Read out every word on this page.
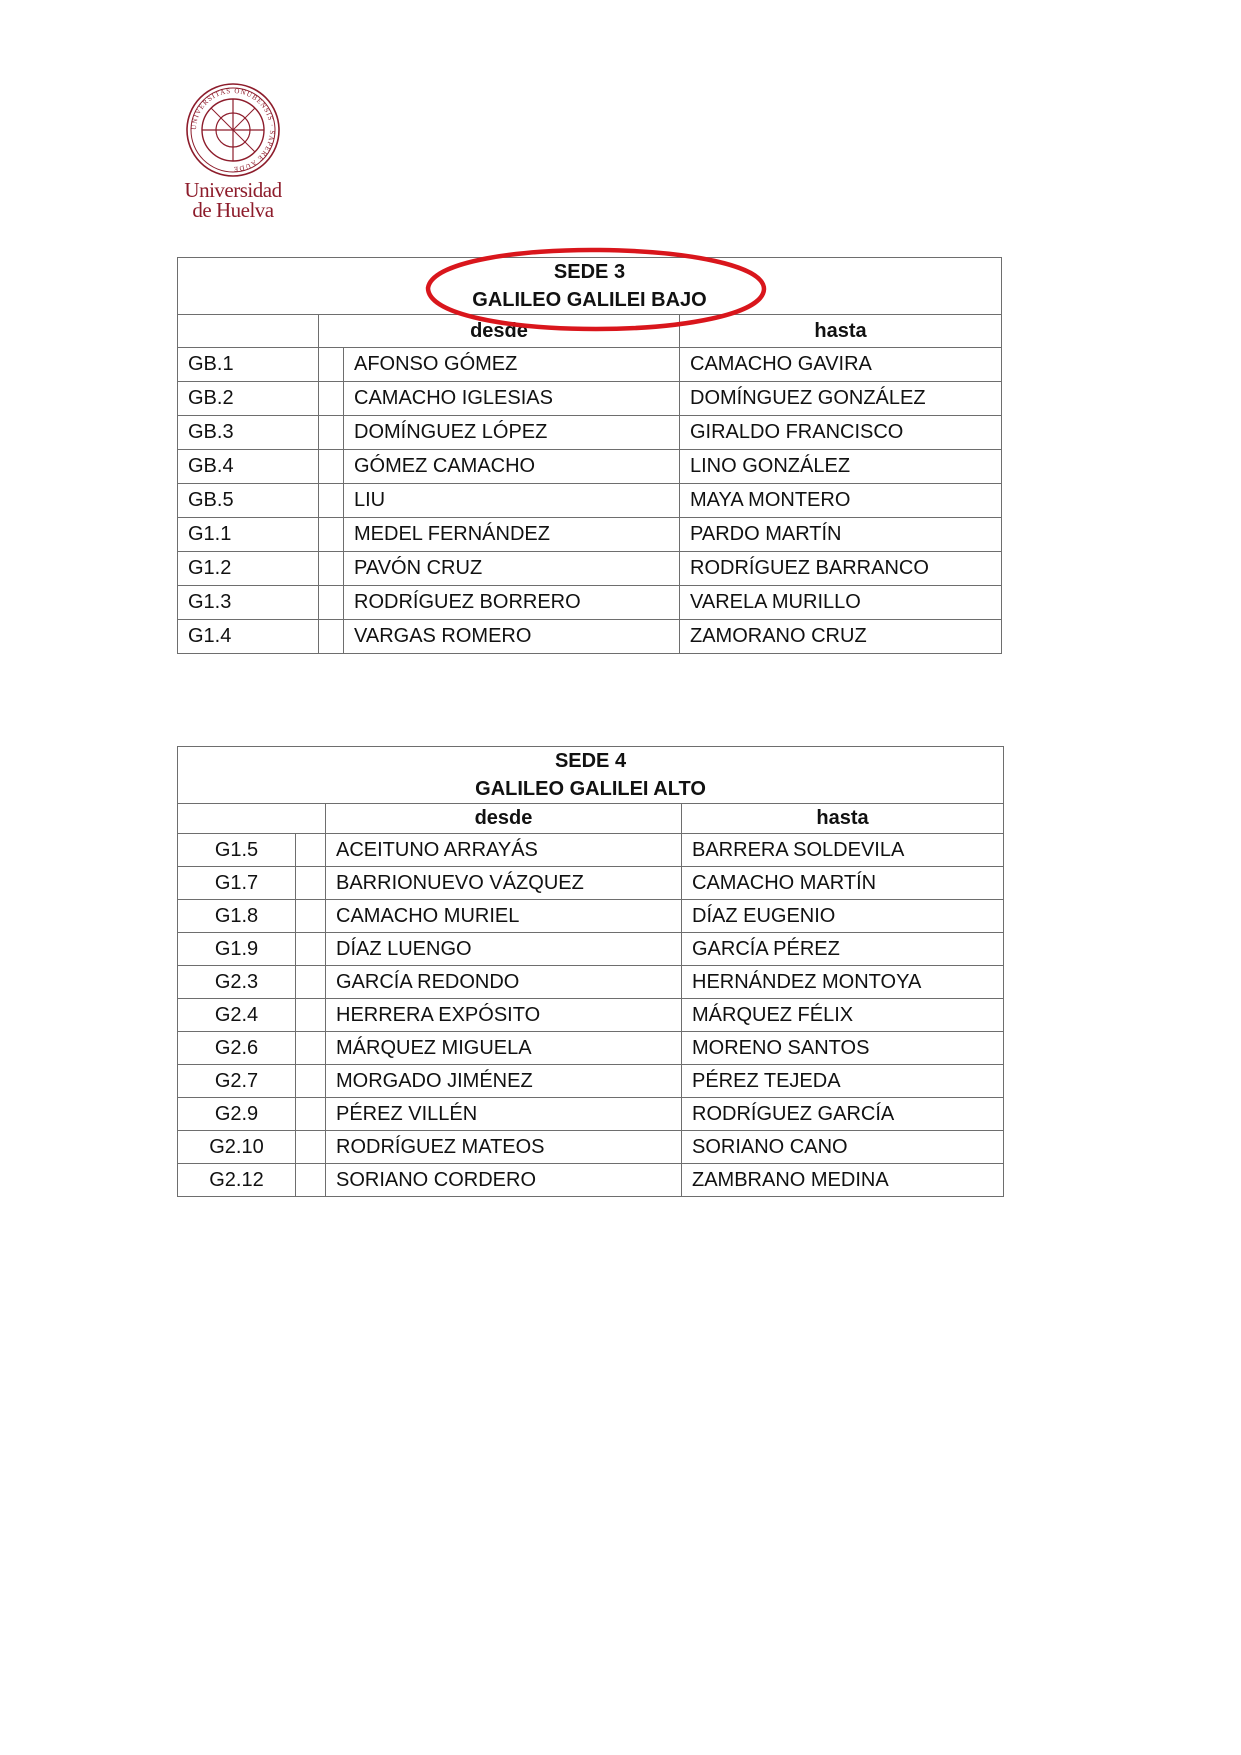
UNIVERSITAS ONUBENSIS · SAPERE AUDE
Universidad
de Huelva
SEDE 3
GALILEO GALILEI BAJO			

	desde		hasta
GB.1		AFONSO GÓMEZ	CAMACHO GAVIRA
GB.2		CAMACHO IGLESIAS	DOMÍNGUEZ GONZÁLEZ
GB.3		DOMÍNGUEZ LÓPEZ	GIRALDO FRANCISCO
GB.4		GÓMEZ CAMACHO	LINO GONZÁLEZ
GB.5		LIU	MAYA MONTERO
G1.1		MEDEL FERNÁNDEZ	PARDO MARTÍN
G1.2		PAVÓN CRUZ	RODRÍGUEZ BARRANCO
G1.3		RODRÍGUEZ BORRERO	VARELA MURILLO
G1.4		VARGAS ROMERO	ZAMORANO CRUZ
SEDE 4
GALILEO GALILEI ALTO			

		desde	hasta
G1.5		ACEITUNO ARRAYÁS	BARRERA SOLDEVILA
G1.7		BARRIONUEVO VÁZQUEZ	CAMACHO MARTÍN
G1.8		CAMACHO MURIEL	DÍAZ EUGENIO
G1.9		DÍAZ LUENGO	GARCÍA PÉREZ
G2.3		GARCÍA REDONDO	HERNÁNDEZ MONTOYA
G2.4		HERRERA EXPÓSITO	MÁRQUEZ FÉLIX
G2.6		MÁRQUEZ MIGUELA	MORENO SANTOS
G2.7		MORGADO JIMÉNEZ	PÉREZ TEJEDA
G2.9		PÉREZ VILLÉN	RODRÍGUEZ GARCÍA
G2.10		RODRÍGUEZ MATEOS	SORIANO CANO
G2.12		SORIANO CORDERO	ZAMBRANO MEDINA
